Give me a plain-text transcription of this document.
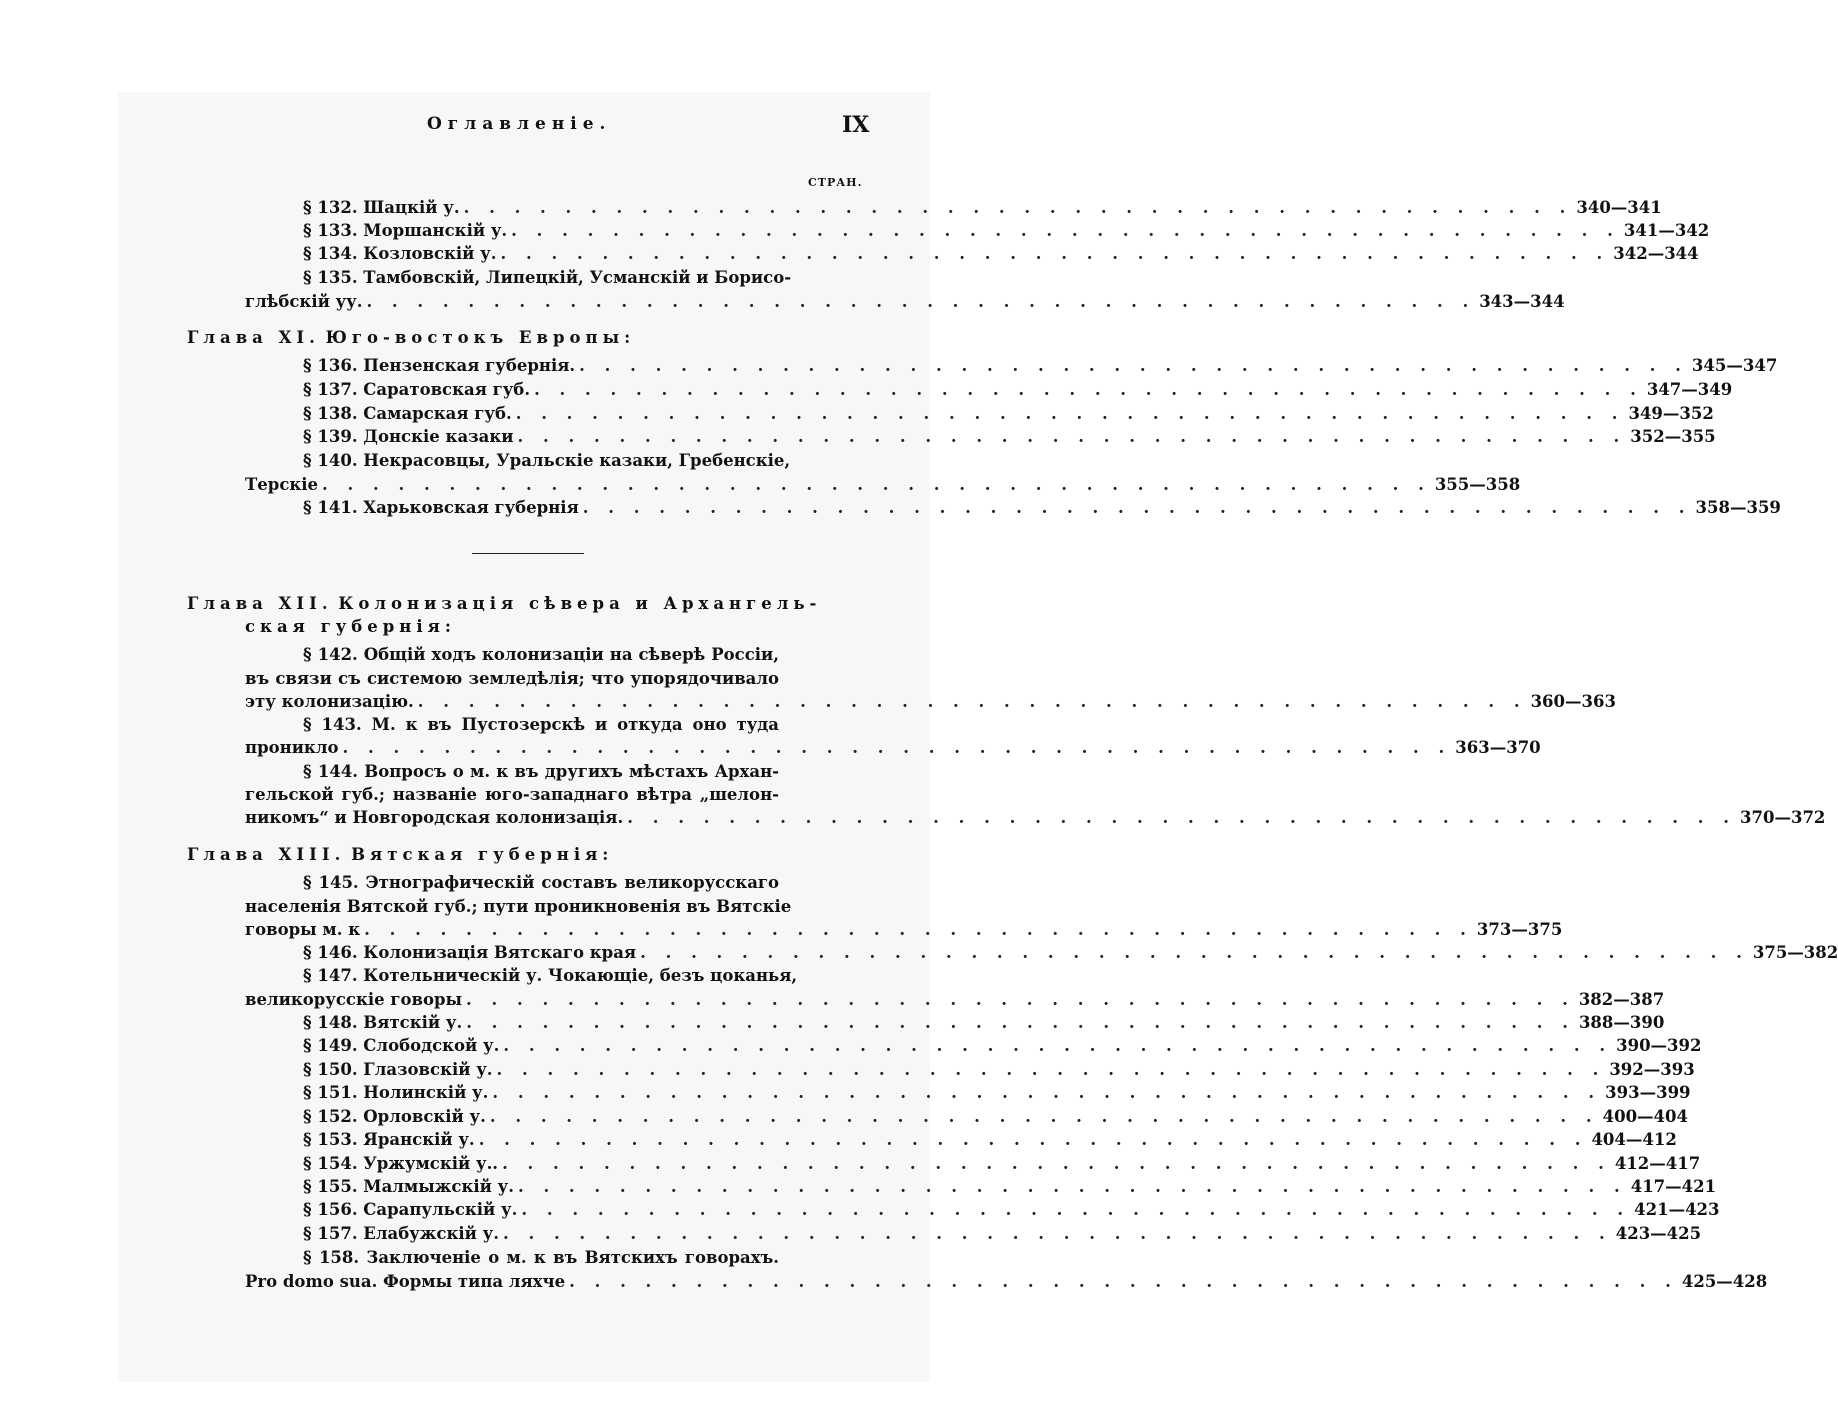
Оглавленіе.	IX
СТРАН.
§ 132. Шацкій у. . . . . . . . . . . . . . . . . . . . . . . . . . . . . . . . . . . . . . . . . . . . . 340—341
§ 133. Моршанскій у. . . . . . . . . . . . . . . . . . . . . . . . . . . . . . . . . . . . . . . . . . . . . 341—342
§ 134. Козловскій у. . . . . . . . . . . . . . . . . . . . . . . . . . . . . . . . . . . . . . . . . . . . . 342—344
§ 135. Тамбовскій, Липецкій, Усманскій и Борисо-
глѣбскій уу. . . . . . . . . . . . . . . . . . . . . . . . . . . . . . . . . . . . . . . . . . . . . 343—344
Глава XI. Юго-востокъ Европы:
§ 136. Пензенская губернія. . . . . . . . . . . . . . . . . . . . . . . . . . . . . . . . . . . . . . . . . . . . . 345—347
§ 137. Саратовская губ. . . . . . . . . . . . . . . . . . . . . . . . . . . . . . . . . . . . . . . . . . . . . 347—349
§ 138. Самарская губ. . . . . . . . . . . . . . . . . . . . . . . . . . . . . . . . . . . . . . . . . . . . . 349—352
§ 139. Донскіе казаки . . . . . . . . . . . . . . . . . . . . . . . . . . . . . . . . . . . . . . . . . . . . 352—355
§ 140. Некрасовцы, Уральскіе казаки, Гребенскіе,
Терскіе . . . . . . . . . . . . . . . . . . . . . . . . . . . . . . . . . . . . . . . . . . . . 355—358
§ 141. Харьковская губернія . . . . . . . . . . . . . . . . . . . . . . . . . . . . . . . . . . . . . . . . . . . . 358—359
Глава XII. Колонизація сѣвера и Архангель-
ская губернія:
§ 142. Общій ходъ колонизаціи на сѣверѣ Россіи,
въ связи съ системою земледѣлія; что упорядочивало
эту колонизацію. . . . . . . . . . . . . . . . . . . . . . . . . . . . . . . . . . . . . . . . . . . . . 360—363
§ 143. М. к въ Пустозерскѣ и откуда оно туда
проникло . . . . . . . . . . . . . . . . . . . . . . . . . . . . . . . . . . . . . . . . . . . . 363—370
§ 144. Вопросъ о м. к въ другихъ мѣстахъ Архан-
гельской губ.; названіе юго-западнаго вѣтра „шелон-
никомъ“ и Новгородская колонизація. . . . . . . . . . . . . . . . . . . . . . . . . . . . . . . . . . . . . . . . . . . . . 370—372
Глава XIII. Вятская губернія:
§ 145. Этнографическій составъ великорусскаго
населенія Вятской губ.; пути проникновенія въ Вятскіе
говоры м. к . . . . . . . . . . . . . . . . . . . . . . . . . . . . . . . . . . . . . . . . . . . . 373—375
§ 146. Колонизація Вятскаго края . . . . . . . . . . . . . . . . . . . . . . . . . . . . . . . . . . . . . . . . . . . . 375—382
§ 147. Котельническій у. Чокающіе, безъ цоканья,
великорусскіе говоры . . . . . . . . . . . . . . . . . . . . . . . . . . . . . . . . . . . . . . . . . . . . 382—387
§ 148. Вятскій у. . . . . . . . . . . . . . . . . . . . . . . . . . . . . . . . . . . . . . . . . . . . . 388—390
§ 149. Слободской у. . . . . . . . . . . . . . . . . . . . . . . . . . . . . . . . . . . . . . . . . . . . . 390—392
§ 150. Глазовскій у. . . . . . . . . . . . . . . . . . . . . . . . . . . . . . . . . . . . . . . . . . . . . 392—393
§ 151. Нолинскій у. . . . . . . . . . . . . . . . . . . . . . . . . . . . . . . . . . . . . . . . . . . . . 393—399
§ 152. Орловскій у. . . . . . . . . . . . . . . . . . . . . . . . . . . . . . . . . . . . . . . . . . . . . 400—404
§ 153. Яранскій у. . . . . . . . . . . . . . . . . . . . . . . . . . . . . . . . . . . . . . . . . . . . . 404—412
§ 154. Уржумскій у.. . . . . . . . . . . . . . . . . . . . . . . . . . . . . . . . . . . . . . . . . . . . . 412—417
§ 155. Малмыжскій у. . . . . . . . . . . . . . . . . . . . . . . . . . . . . . . . . . . . . . . . . . . . . 417—421
§ 156. Сарапульскій у. . . . . . . . . . . . . . . . . . . . . . . . . . . . . . . . . . . . . . . . . . . . . 421—423
§ 157. Елабужскій у. . . . . . . . . . . . . . . . . . . . . . . . . . . . . . . . . . . . . . . . . . . . . 423—425
§ 158. Заключеніе о м. к въ Вятскихъ говорахъ.
Pro domo sua. Формы типа ляхче . . . . . . . . . . . . . . . . . . . . . . . . . . . . . . . . . . . . . . . . . . . . 425—428
